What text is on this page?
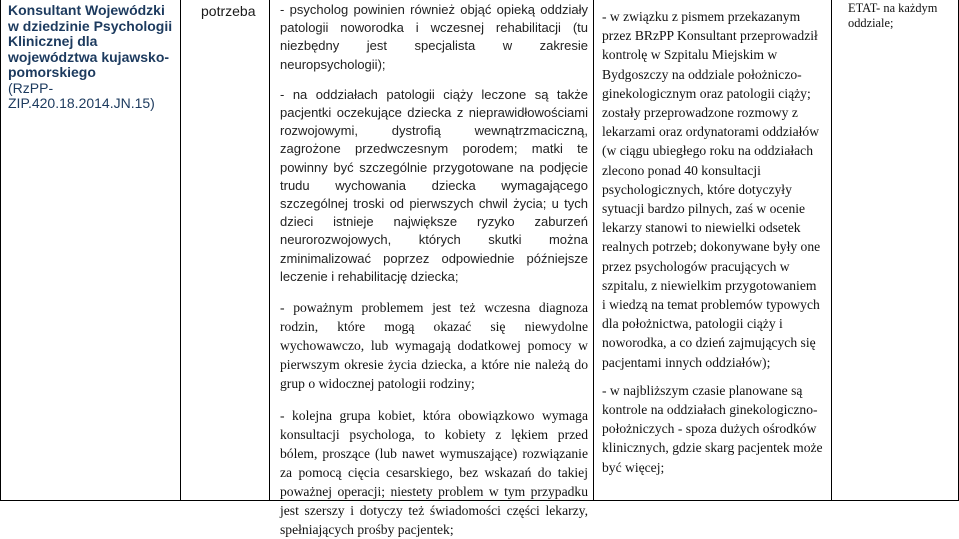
Konsultant Wojewódzki
w dziedzinie Psychologii
Klinicznej dla
województwa kujawsko-
pomorskiego
(RzPP-
ZIP.420.18.2014.JN.15)
potrzeba	- psycholog powinien również objąć opieką oddziały patologii noworodka i wczesnej rehabilitacji (tu niezbędny jest specjalista w zakresie neuropsychologii);
- na oddziałach patologii ciąży leczone są także pacjentki oczekujące dziecka z nieprawidłowościami rozwojowymi, dystrofią wewnątrzmaciczną, zagrożone przedwczesnym porodem; matki te powinny być szczególnie przygotowane na podjęcie trudu wychowania dziecka wymagającego szczególnej troski od pierwszych chwil życia; u tych dzieci istnieje największe ryzyko zaburzeń neurorozwojowych, których skutki można zminimalizować poprzez odpowiednie późniejsze leczenie i rehabilitację dziecka;
- poważnym problemem jest też wczesna diagnoza rodzin, które mogą okazać się niewydolne wychowawczo, lub wymagają dodatkowej pomocy w pierwszym okresie życia dziecka, a które nie należą do grup o widocznej patologii rodziny;
- kolejna grupa kobiet, która obowiązkowo wymaga konsultacji psychologa, to kobiety z lękiem przed bólem, proszące (lub nawet wymuszające) rozwiązanie za pomocą cięcia cesarskiego, bez wskazań do takiej poważnej operacji; niestety problem w tym przypadku jest szerszy i dotyczy też świadomości części lekarzy, spełniających prośby pacjentek;
- w związku z pismem przekazanym przez BRzPP Konsultant przeprowadził kontrolę w Szpitalu Miejskim w Bydgoszczy na oddziale położniczo-ginekologicznym oraz patologii ciąży; zostały przeprowadzone rozmowy z lekarzami oraz ordynatorami oddziałów (w ciągu ubiegłego roku na oddziałach zlecono ponad 40 konsultacji psychologicznych, które dotyczyły sytuacji bardzo pilnych, zaś w ocenie lekarzy stanowi to niewielki odsetek realnych potrzeb; dokonywane były one przez psychologów pracujących w szpitalu, z niewielkim przygotowaniem i wiedzą na temat problemów typowych dla położnictwa, patologii ciąży i noworodka, a co dzień zajmujących się pacjentami innych oddziałów);
- w najbliższym czasie planowane są kontrole na oddziałach ginekologiczno-położniczych - spoza dużych ośrodków klinicznych, gdzie skarg pacjentek może być więcej;
ETAT- na każdym oddziale;
